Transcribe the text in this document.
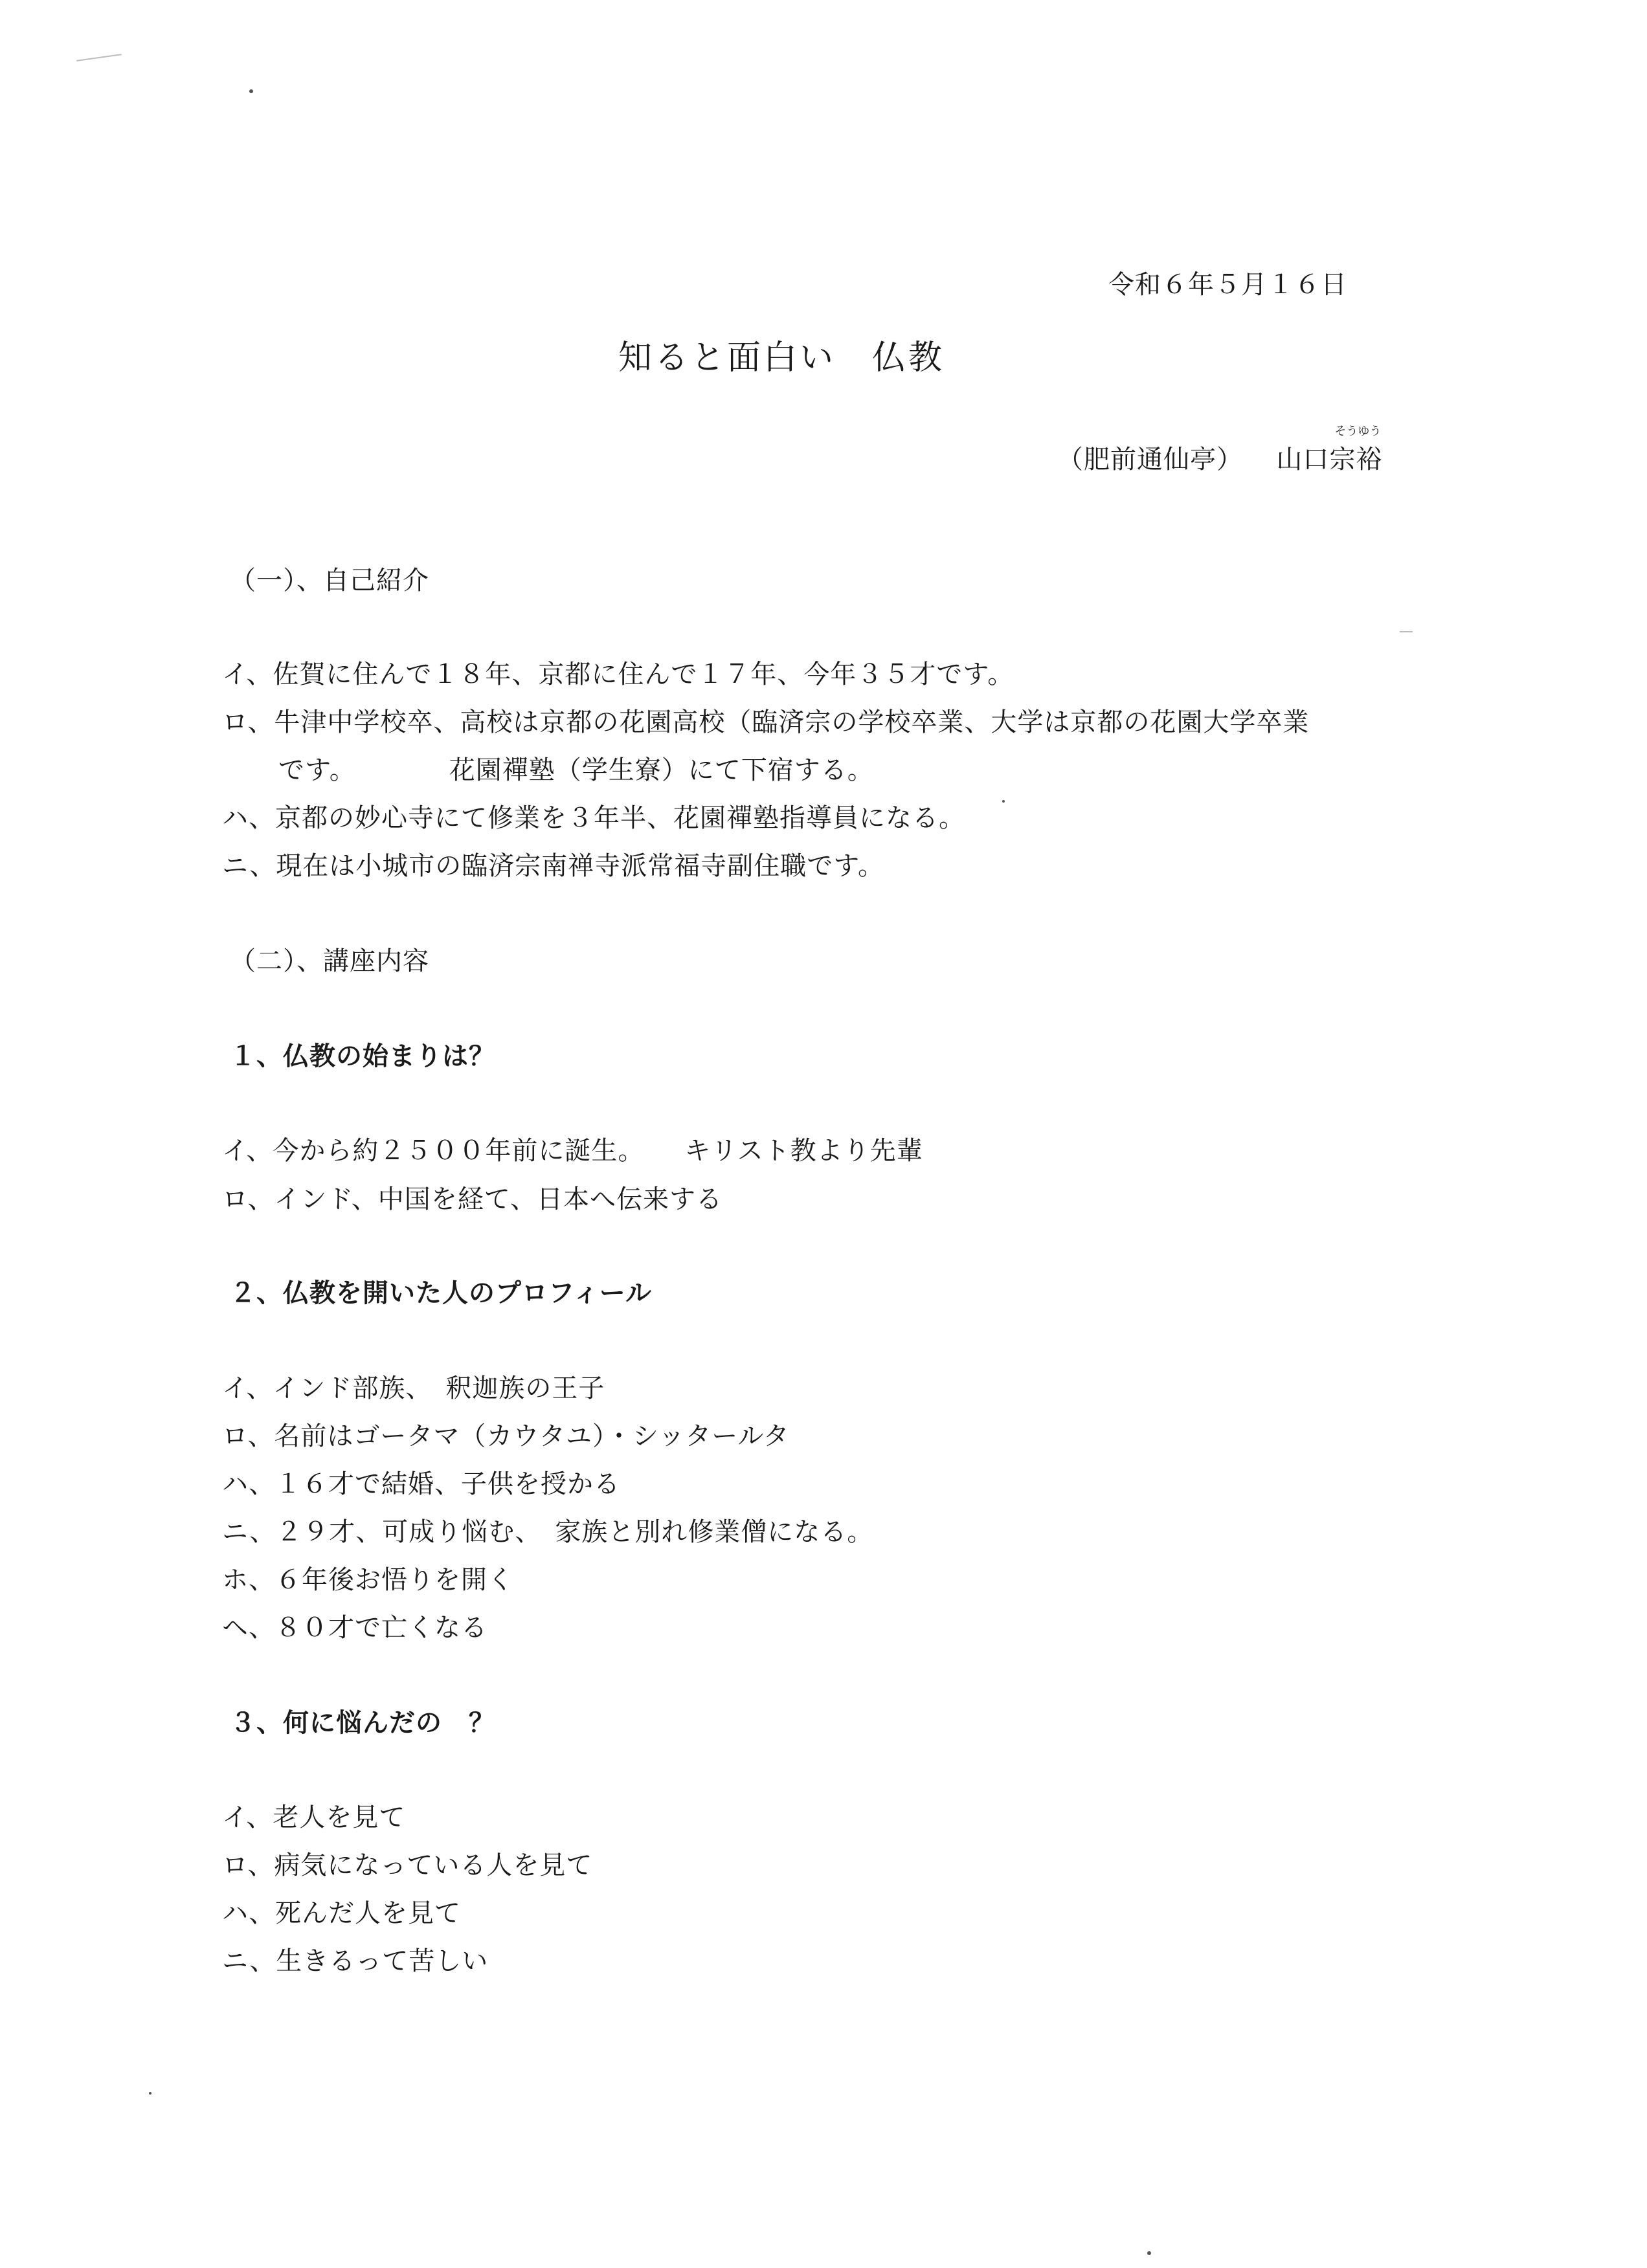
令和６年５月１６日
知ると面白い　仏教
（肥前通仙亭） 山口
そうゆう
宗裕
（一）、自己紹介
イ、佐賀に住んで１８年、京都に住んで１７年、今年３５才です。
ロ、牛津中学校卒、高校は京都の花園高校（臨済宗の学校卒業、大学は京都の花園大学卒業
です。　　　　花園禪塾（学生寮）にて下宿する。
ハ、京都の妙心寺にて修業を３年半、花園禪塾指導員になる。
ニ、現在は小城市の臨済宗南禅寺派常福寺副住職です。
（二）、講座内容
１、仏教の始まりは？
イ、今から約２５００年前に誕生。　　キリスト教より先輩
ロ、インド、中国を経て、日本へ伝来する
２、仏教を開いた人のプロフィール
イ、インド部族、　釈迦族の王子
ロ、名前はゴータマ（カウタユ）・シッタールタ
ハ、１６才で結婚、子供を授かる
ニ、２９才、可成り悩む、　家族と別れ修業僧になる。
ホ、６年後お悟りを開く
ヘ、８０才で亡くなる
３、何に悩んだの　？
イ、老人を見て
ロ、病気になっている人を見て
ハ、死んだ人を見て
ニ、生きるって苦しい
